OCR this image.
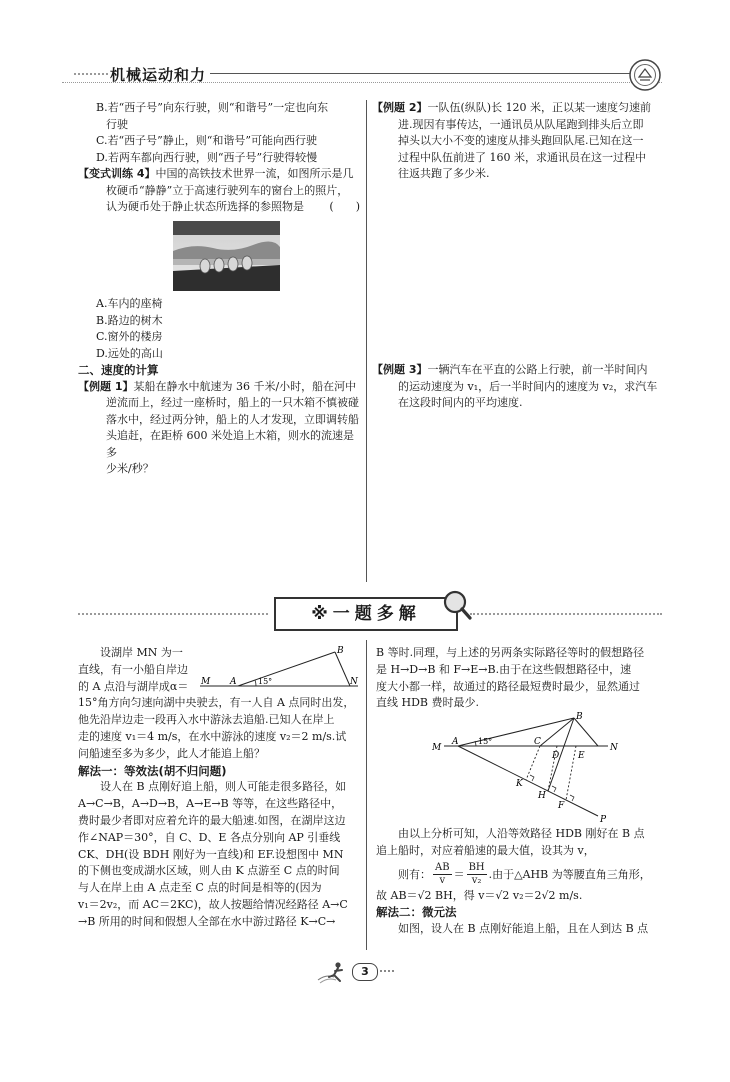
机械运动和力

B.若“西子号”向东行驶，则“和谐号”一定也向东

行驶

C.若“西子号”静止，则“和谐号”可能向西行驶

D.若两车都向西行驶，则“西子号”行驶得较慢

【变式训练 4】中国的高铁技术世界一流，如图所示是几

枚硬币“静静”立于高速行驶列车的窗台上的照片，

认为硬币处于静止状态所选择的参照物是 (　　)

A.车内的座椅

B.路边的树木

C.窗外的楼房

D.远处的高山

二、速度的计算

【例题 1】某船在静水中航速为 36 千米/小时，船在河中

逆流而上，经过一座桥时，船上的一只木箱不慎被碰

落水中，经过两分钟，船上的人才发现，立即调转船

头追赶，在距桥 600 米处追上木箱，则水的流速是多

少米/秒？

【例题 2】一队伍(纵队)长 120 米，正以某一速度匀速前

进.现因有事传达，一通讯员从队尾跑到排头后立即

掉头以大小不变的速度从排头跑回队尾.已知在这一

过程中队伍前进了 160 米，求通讯员在这一过程中

往返共跑了多少米.

【例题 3】一辆汽车在平直的公路上行驶，前一半时间内

的运动速度为 v₁，后一半时间内的速度为 v₂，求汽车

在这段时间内的平均速度.

※一题多解

设湖岸 MN 为一

直线，有一小船自岸边

的 A 点沿与湖岸成α＝

15°角方向匀速向湖中央驶去，有一人自 A 点同时出发，

他先沿岸边走一段再入水中游泳去追船.已知人在岸上

走的速度 v₁＝4 m/s，在水中游泳的速度 v₂＝2 m/s.试

问船速至多为多少，此人才能追上船？

解法一：等效法(胡不归问题)

设人在 B 点刚好追上船，则人可能走很多路径，如

A→C→B，A→D→B，A→E→B 等等，在这些路径中，

费时最少者即对应着允许的最大船速.如图，在湖岸这边

作∠NAP＝30°，自 C、D、E 各点分别向 AP 引垂线

CK、DH(设 BDH 刚好为一直线)和 EF.设想图中 MN

的下侧也变成湖水区域，则人由 K 点游至 C 点的时间

与人在岸上由 A 点走至 C 点的时间是相等的(因为

v₁＝2v₂，而 AC＝2KC)，故人按题给情况经路径 A→C

→B 所用的时间和假想人全部在水中游过路径 K→C→

B
M A	15°	N

B 等时.同理，与上述的另两条实际路径等时的假想路径

是 H→D→B 和 F→E→B.由于在这些假想路径中，速

度大小都一样，故通过的路径最短费时最少，显然通过

直线 HDB 费时最少.

B
M
A 15°	C
D E
N
K
H
F
P

由以上分析可知，人沿等效路径 HDB 刚好在 B 点

追上船时，对应着船速的最大值，设其为 v，

则有： $\frac{AB}{v} = \frac{BH}{\text{v₂}}$ .由于△AHB 为等腰直角三角形，

故 AB＝√2 BH，得 v＝√2 v₂＝2√2 m/s.

解法二：微元法

如图，设人在 B 点刚好能追上船，且在人到达 B 点

3
